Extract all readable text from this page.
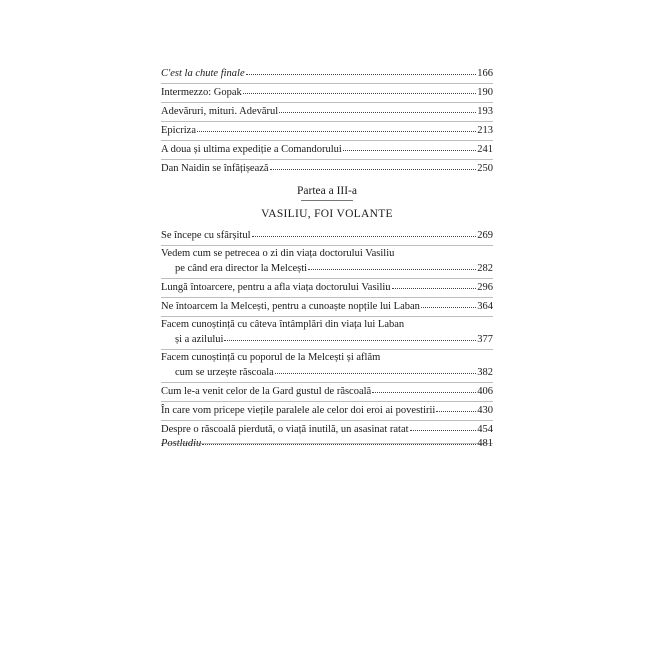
C'est la chute finale	166
Intermezzo: Gopak	190
Adevăruri, mituri. Adevărul	193
Epicriza	213
A doua și ultima expediție a Comandorului	241
Dan Naidin se înfățișează	250
Partea a III-a
VASILIU, FOI VOLANTE
Se începe cu sfârșitul	269
Vedem cum se petrecea o zi din viața doctorului Vasiliu
pe când era director la Melcești	282
Lungă întoarcere, pentru a afla viața doctorului Vasiliu	296
Ne întoarcem la Melcești, pentru a cunoaște nopțile lui Laban	364
Facem cunoștință cu câteva întâmplări din viața lui Laban
și a azilului	377
Facem cunoștință cu poporul de la Melcești și aflăm
cum se urzește răscoala	382
Cum le-a venit celor de la Gard gustul de răscoală	406
În care vom pricepe viețile paralele ale celor doi eroi ai povestirii	430
Despre o răscoală pierdută, o viață inutilă, un asasinat ratat	454
Postludiu	481
